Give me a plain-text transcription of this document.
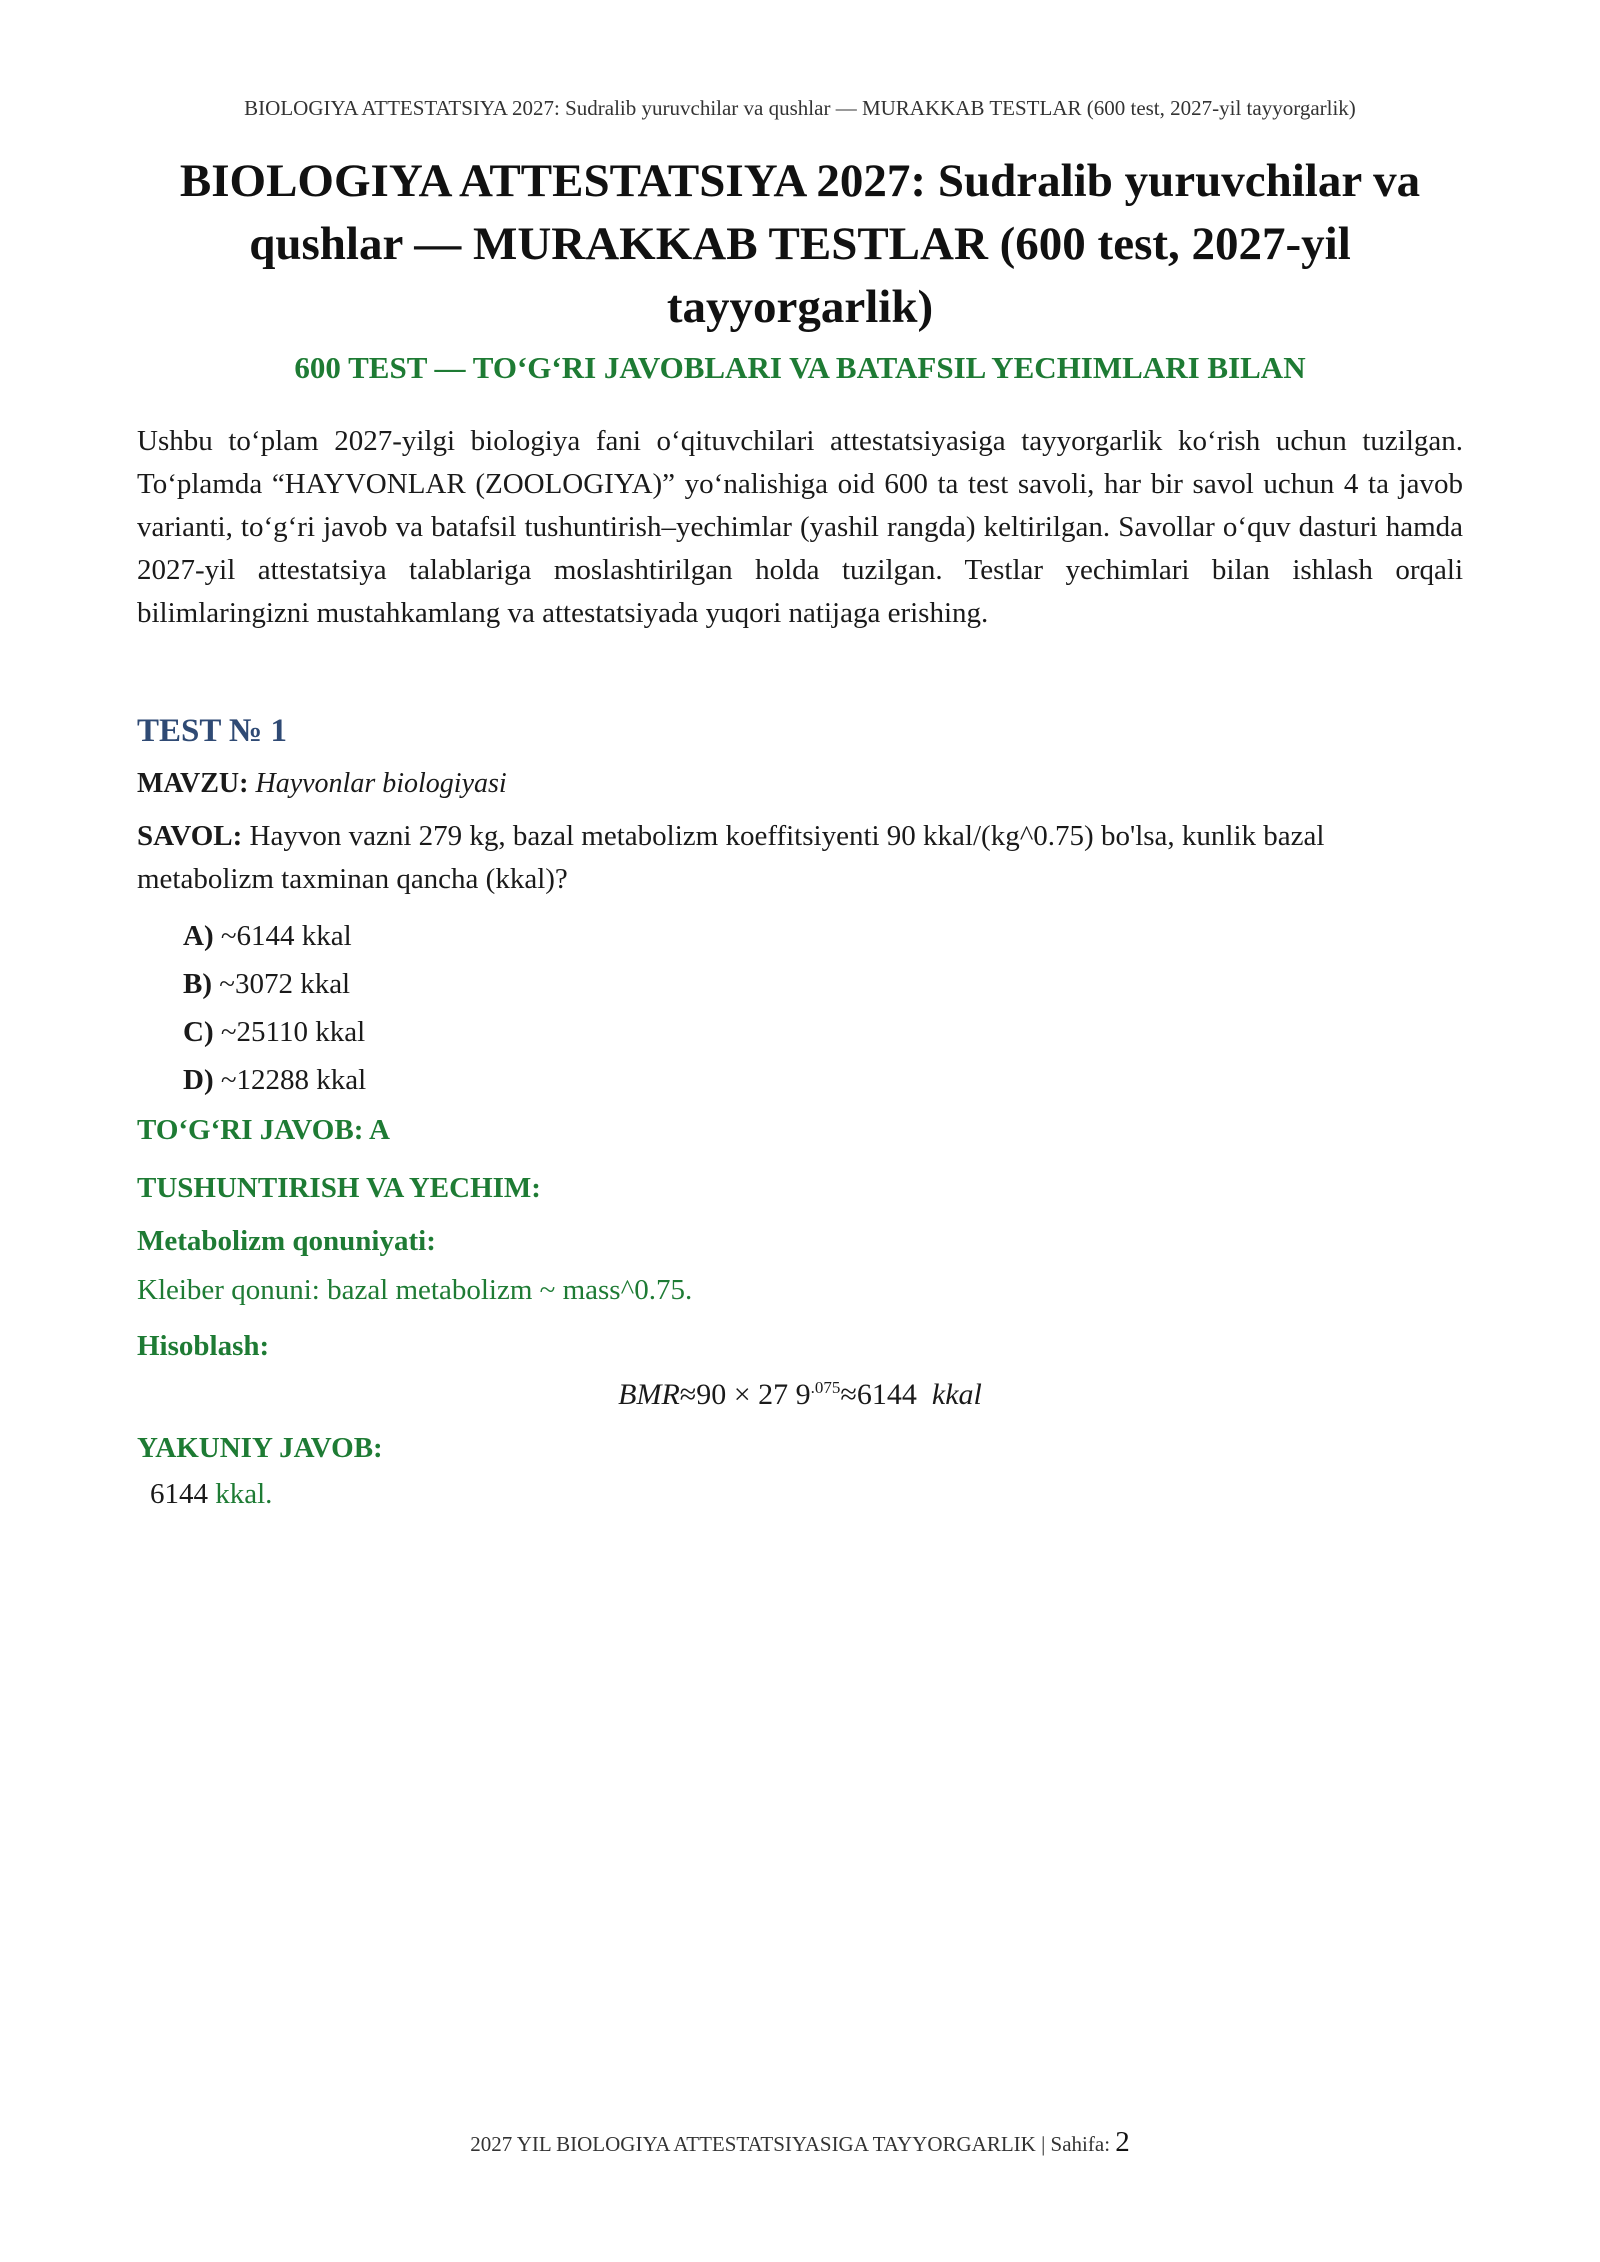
BIOLOGIYA ATTESTATSIYA 2027: Sudralib yuruvchilar va qushlar — MURAKKAB TESTLAR (600 test, 2027-yil tayyorgarlik)
BIOLOGIYA ATTESTATSIYA 2027: Sudralib yuruvchilar va
qushlar — MURAKKAB TESTLAR (600 test, 2027-yil
tayyorgarlik)
600 TEST — TO‘G‘RI JAVOBLARI VA BATAFSIL YECHIMLARI BILAN
Ushbu to‘plam 2027-yilgi biologiya fani o‘qituvchilari attestatsiyasiga tayyorgarlik ko‘rish uchun tuzilgan. To‘plamda “HAYVONLAR (ZOOLOGIYA)” yo‘nalishiga oid 600 ta test savoli, har bir savol uchun 4 ta javob varianti, to‘g‘ri javob va batafsil tushuntirish–yechimlar (yashil rangda) keltirilgan. Savollar o‘quv dasturi hamda 2027-yil attestatsiya talablariga moslashtirilgan holda tuzilgan. Testlar yechimlari bilan ishlash orqali bilimlaringizni mustahkamlang va attestatsiyada yuqori natijaga erishing.
TEST № 1
MAVZU: Hayvonlar biologiyasi
SAVOL: Hayvon vazni 279 kg, bazal metabolizm koeffitsiyenti 90 kkal/(kg^0.75) bo'lsa, kunlik bazal metabolizm taxminan qancha (kkal)?
A) ~6144 kkal
B) ~3072 kkal
C) ~25110 kkal
D) ~12288 kkal
TO‘G‘RI JAVOB: A
TUSHUNTIRISH VA YECHIM:
Metabolizm qonuniyati:
Kleiber qonuni: bazal metabolizm ~ mass^0.75.
Hisoblash:
BMR≈90 × 27 $9^{.075}\approx 6144$ kkal
YAKUNIY JAVOB:
6144 kkal.
2027 YIL BIOLOGIYA ATTESTATSIYASIGA TAYYORGARLIK | Sahifa: 2
